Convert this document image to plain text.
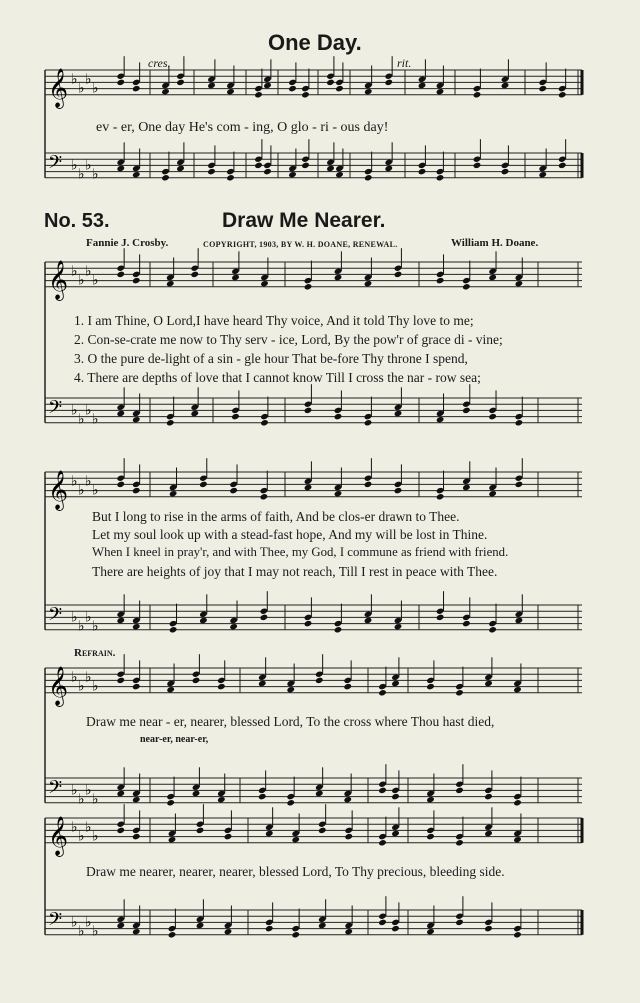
One Day.
cres.	rit.
ev - er, One day He's com - ing, O glo - ri - ous day!
No. 53.	Draw Me Nearer.
Fannie J. Crosby.	COPYRIGHT, 1903, BY W. H. DOANE, RENEWAL.	William H. Doane.
1. I am Thine, O Lord,I have heard Thy voice, And it told Thy love to me;
2. Con-se-crate me now to Thy serv - ice, Lord, By the pow'r of grace di - vine;
3. O the pure de-light of a sin - gle hour That be-fore Thy throne I spend,
4. There are depths of love that I cannot know Till I cross the nar - row sea;
But I long to rise in the arms of faith, And be clos-er drawn to Thee.
Let my soul look up with a stead-fast hope, And my will be lost in Thine.
When I kneel in pray'r, and with Thee, my God, I commune as friend with friend.
There are heights of joy that I may not reach, Till I rest in peace with Thee.
Refrain.
Draw me near - er, nearer, blessed Lord, To the cross where Thou hast died,
near-er, near-er,
Draw me nearer, nearer, nearer, blessed Lord, To Thy precious, bleeding side.
𝄞
𝄢
♭
♭
♭
♭
♭
♭
♭
♭
𝄞
𝄢
♭
♭
♭
♭
♭
♭
♭
♭
𝄞
𝄢
♭
♭
♭
♭
♭
♭
♭
♭
𝄞
𝄢
♭
♭
♭
♭
♭
♭
♭
♭
𝄞
𝄢
♭
♭
♭
♭
♭
♭
♭
♭
